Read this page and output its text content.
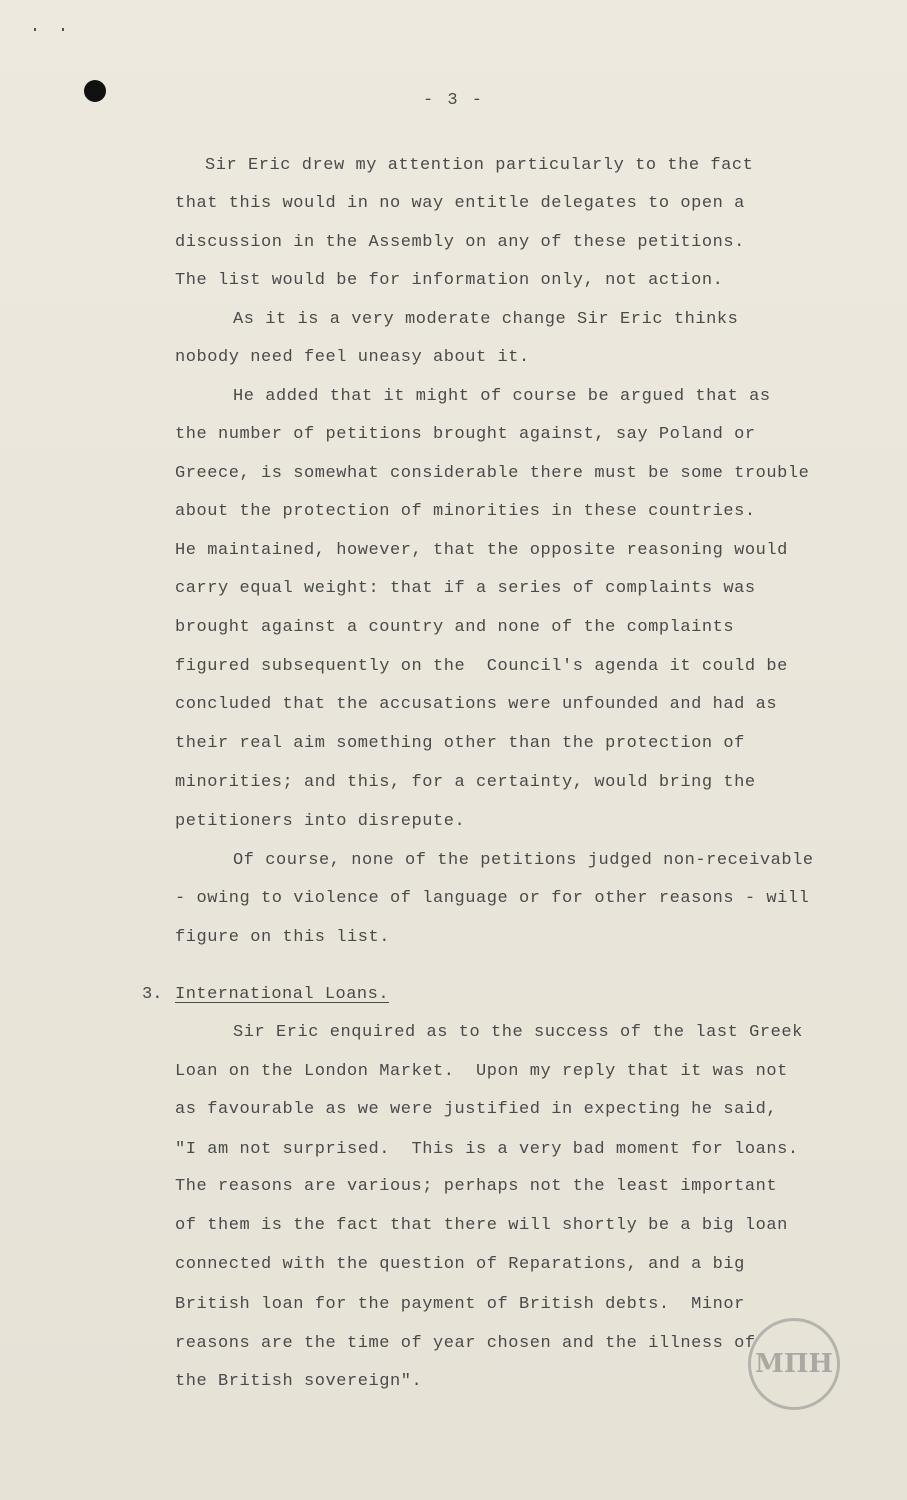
- 3 -
Sir Eric drew my attention particularly to the fact
that this would in no way entitle delegates to open a
discussion in the Assembly on any of these petitions.
The list would be for information only, not action.
As it is a very moderate change Sir Eric thinks
nobody need feel uneasy about it.
He added that it might of course be argued that as
the number of petitions brought against, say Poland or
Greece, is somewhat considerable there must be some trouble
about the protection of minorities in these countries.
He maintained, however, that the opposite reasoning would
carry equal weight: that if a series of complaints was
brought against a country and none of the complaints
figured subsequently on the  Council's agenda it could be
concluded that the accusations were unfounded and had as
their real aim something other than the protection of
minorities; and this, for a certainty, would bring the
petitioners into disrepute.
Of course, none of the petitions judged non-receivable
- owing to violence of language or for other reasons - will
figure on this list.
3. International Loans.
Sir Eric enquired as to the success of the last Greek
Loan on the London Market.  Upon my reply that it was not
as favourable as we were justified in expecting he said,
"I am not surprised.  This is a very bad moment for loans.
The reasons are various; perhaps not the least important
of them is the fact that there will shortly be a big loan
connected with the question of Reparations, and a big
British loan for the payment of British debts.  Minor
reasons are the time of year chosen and the illness of
the British sovereign".
MΠH
